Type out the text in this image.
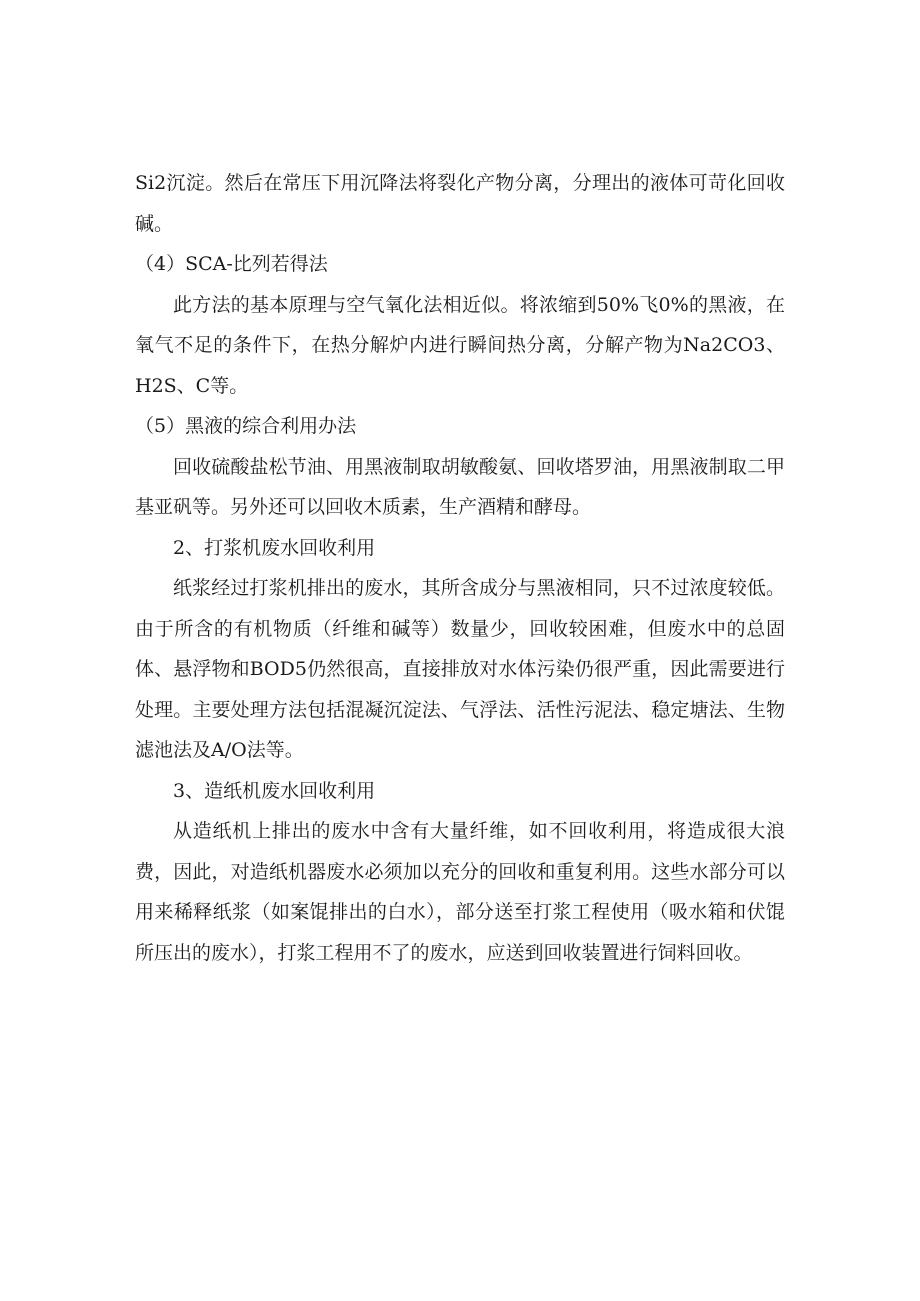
Si2沉淀。然后在常压下用沉降法将裂化产物分离，分理出的液体可苛化回收碱。

（4）SCA-比列若得法

此方法的基本原理与空气氧化法相近似。将浓缩到50%飞0%的黑液，在氧气不足的条件下，在热分解炉内进行瞬间热分离，分解产物为Na2CO3、H2S、C等。

（5）黑液的综合利用办法

回收硫酸盐松节油、用黑液制取胡敏酸氨、回收塔罗油，用黑液制取二甲基亚矾等。另外还可以回收木质素，生产酒精和酵母。

2、打浆机废水回收利用

纸浆经过打浆机排出的废水，其所含成分与黑液相同，只不过浓度较低。由于所含的有机物质（纤维和碱等）数量少，回收较困难，但废水中的总固体、悬浮物和BOD5仍然很高，直接排放对水体污染仍很严重，因此需要进行处理。主要处理方法包括混凝沉淀法、气浮法、活性污泥法、稳定塘法、生物滤池法及A/O法等。

3、造纸机废水回收利用

从造纸机上排出的废水中含有大量纤维，如不回收利用，将造成很大浪费，因此，对造纸机器废水必须加以充分的回收和重复利用。这些水部分可以用来稀释纸浆（如案馄排出的白水），部分送至打浆工程使用（吸水箱和伏馄所压出的废水），打浆工程用不了的废水，应送到回收装置进行饲料回收。
